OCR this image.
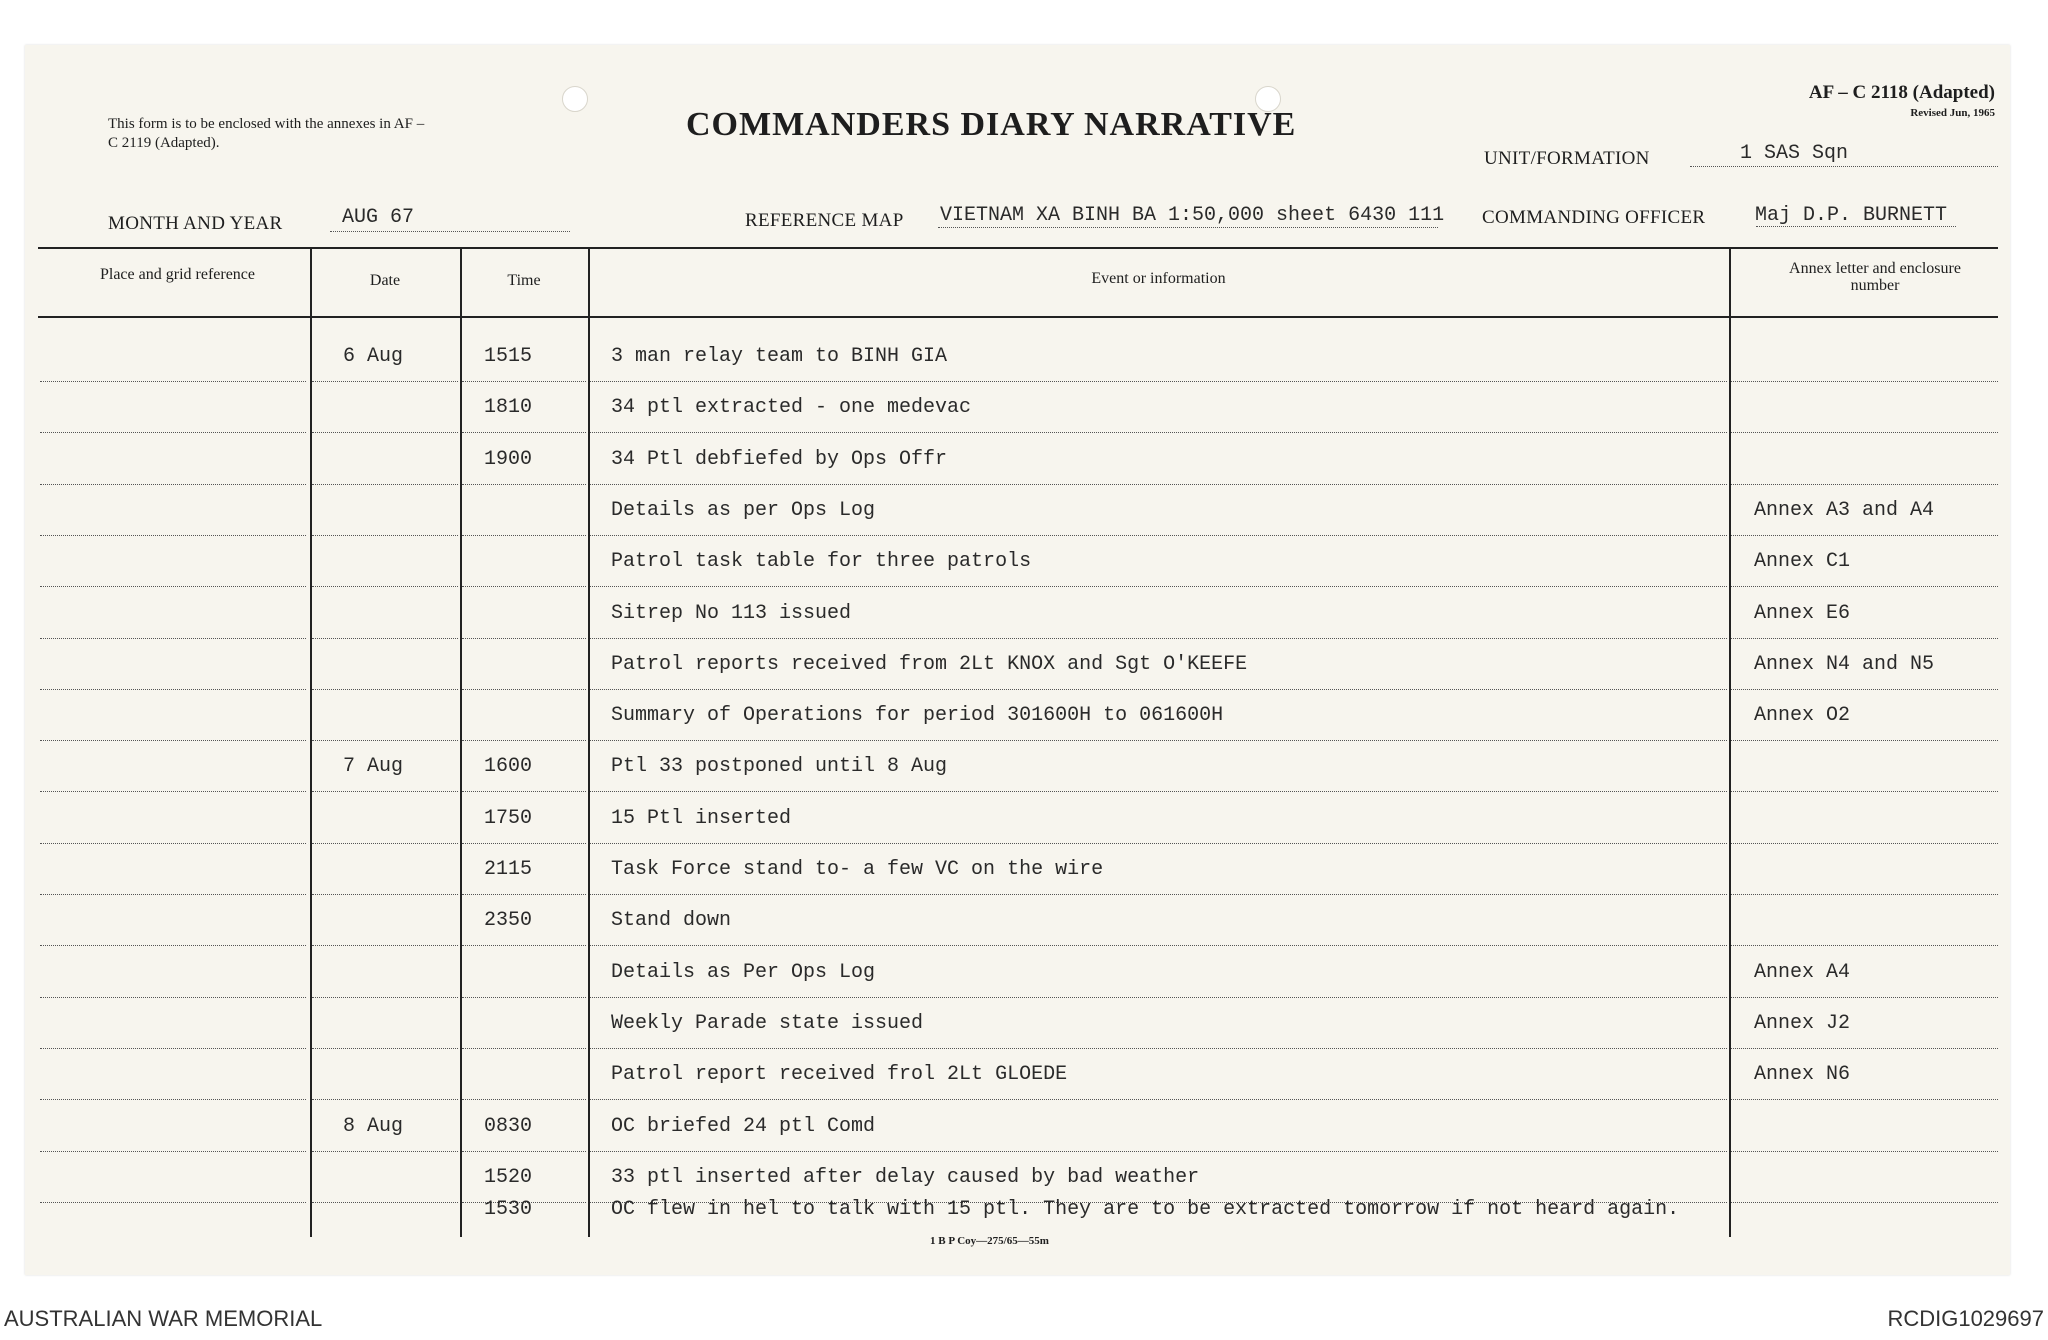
This form is to be enclosed with the annexes in AF – C 2119 (Adapted).	COMMANDERS DIARY NARRATIVE
AF – C 2118 (Adapted)
Revised Jun, 1965
UNIT/FORMATION	1 SAS Sqn
MONTH AND YEAR	AUG 67	REFERENCE MAP VIETNAM XA BINH BA 1:50,000 sheet 6430 111 COMMANDING OFFICER Maj D.P. BURNETT
Place and grid reference	Date	Time	Event or information
Annex letter and enclosure number
6 Aug	1515	3 man relay team to BINH GIA
1810	34 ptl extracted - one medevac
1900	34 Ptl debfiefed by Ops Offr
Details as per Ops Log	Annex A3 and A4
Patrol task table for three patrols	Annex C1
Sitrep No 113 issued	Annex E6
Patrol reports received from 2Lt KNOX and Sgt O'KEEFE	Annex N4 and N5
Summary of Operations for period 301600H to 061600H	Annex O2
7 Aug	1600	Ptl 33 postponed until 8 Aug
1750	15 Ptl inserted
2115	Task Force stand to- a few VC on the wire
2350	Stand down
Details as Per Ops Log	Annex A4
Weekly Parade state issued	Annex J2
Patrol report received frol 2Lt GLOEDE	Annex N6
8 Aug	0830	OC briefed 24 ptl Comd
1520	33 ptl inserted after delay caused by bad weather
1530	OC flew in hel to talk with 15 ptl. They are to be extracted tomorrow if not heard again.
1 B P Coy—275/65—55m
AUSTRALIAN WAR MEMORIAL	RCDIG1029697
